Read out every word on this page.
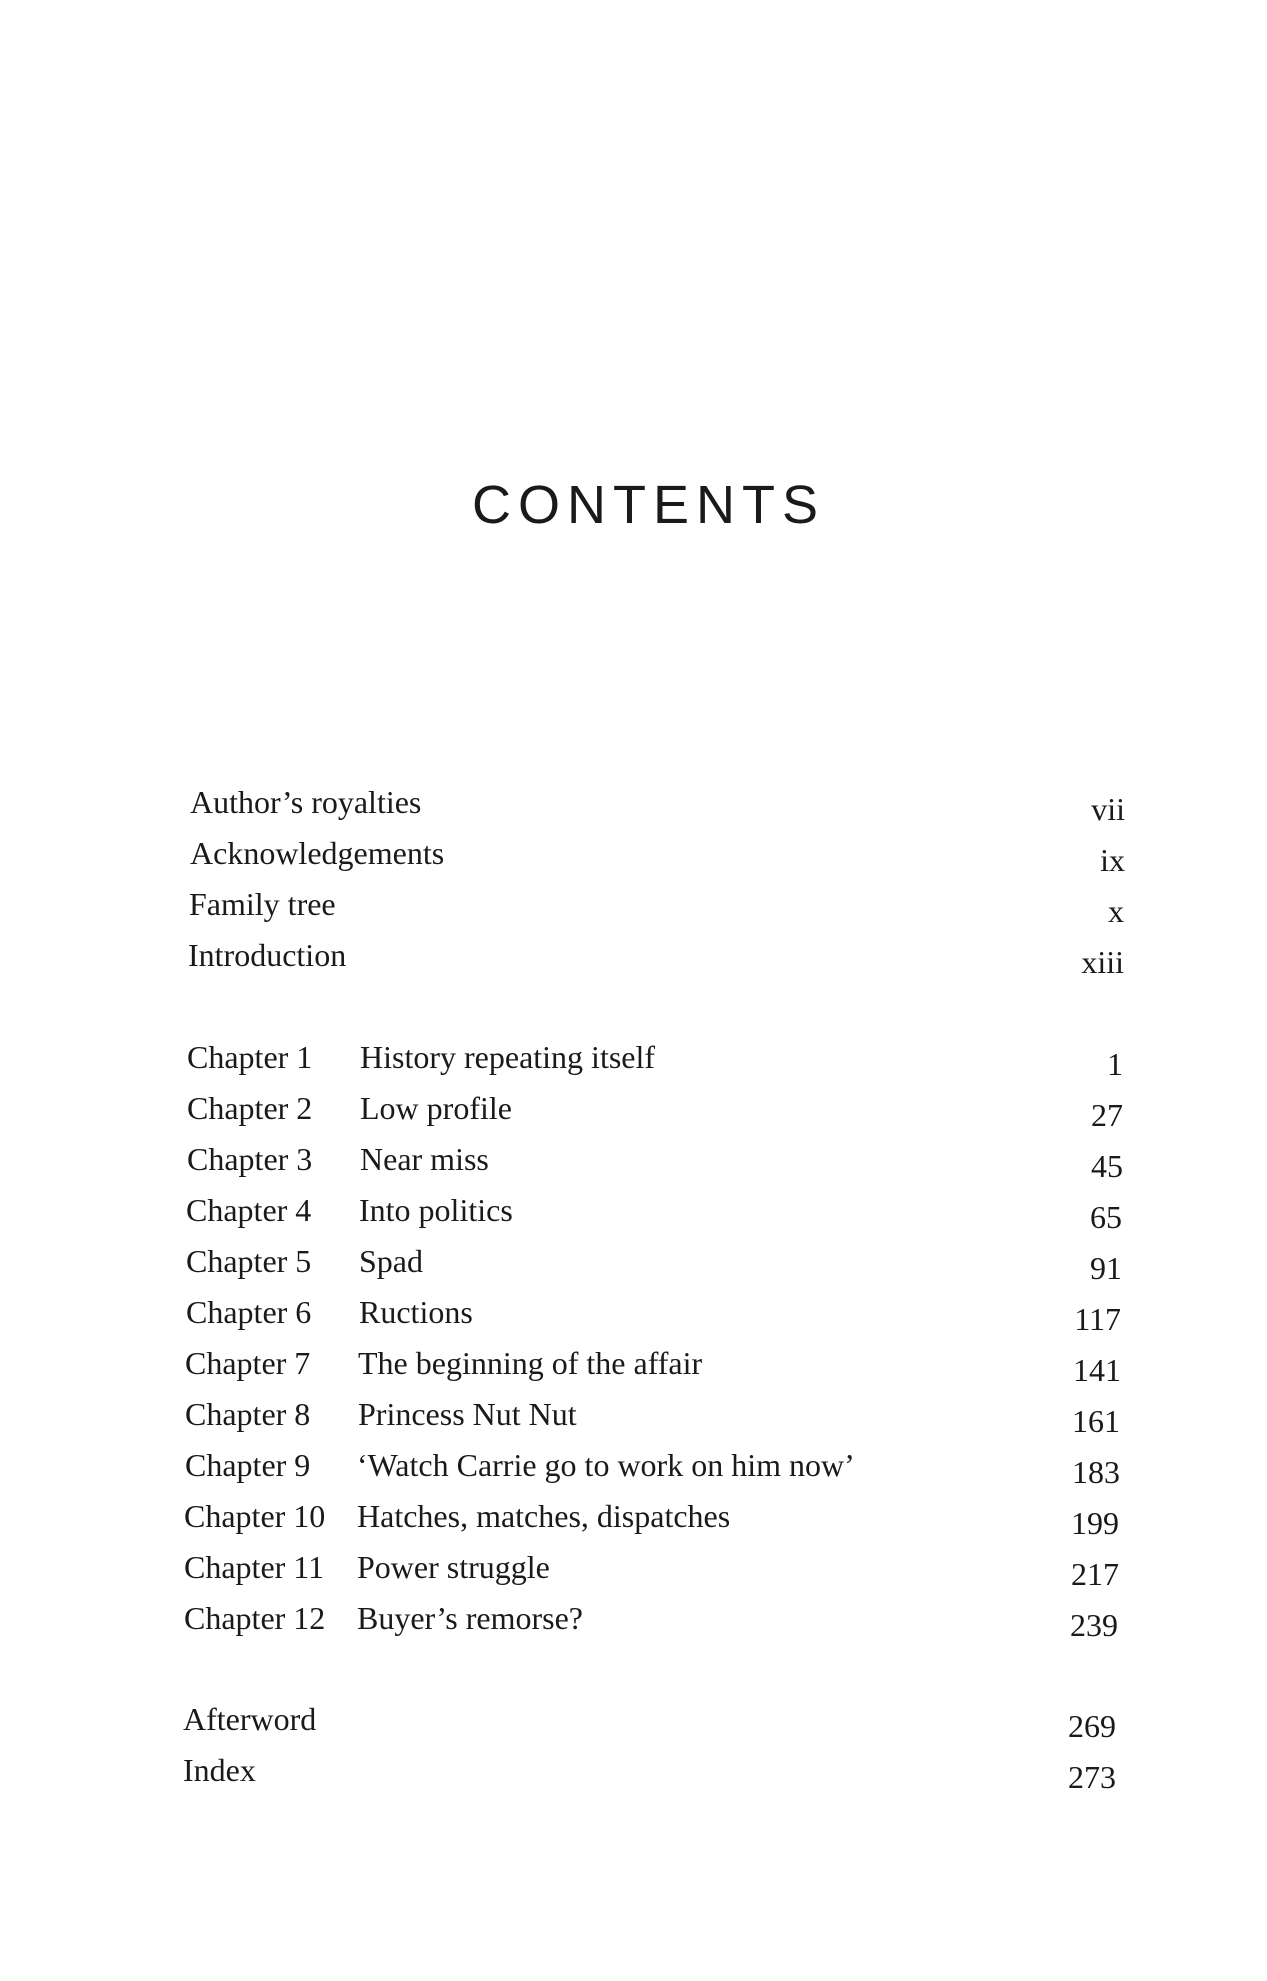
CONTENTS
Author’s royalties	vii
Acknowledgements	ix
Family tree	x
Introduction	xiii
Chapter 1 History repeating itself	1
Chapter 2 Low profile	27
Chapter 3 Near miss	45
Chapter 4 Into politics	65
Chapter 5 Spad	91
Chapter 6 Ructions	117
Chapter 7 The beginning of the affair	141
Chapter 8 Princess Nut Nut	161
Chapter 9 ‘Watch Carrie go to work on him now’	183
Chapter 10 Hatches, matches, dispatches	199
Chapter 11 Power struggle	217
Chapter 12 Buyer’s remorse?	239
Afterword	269
Index	273
